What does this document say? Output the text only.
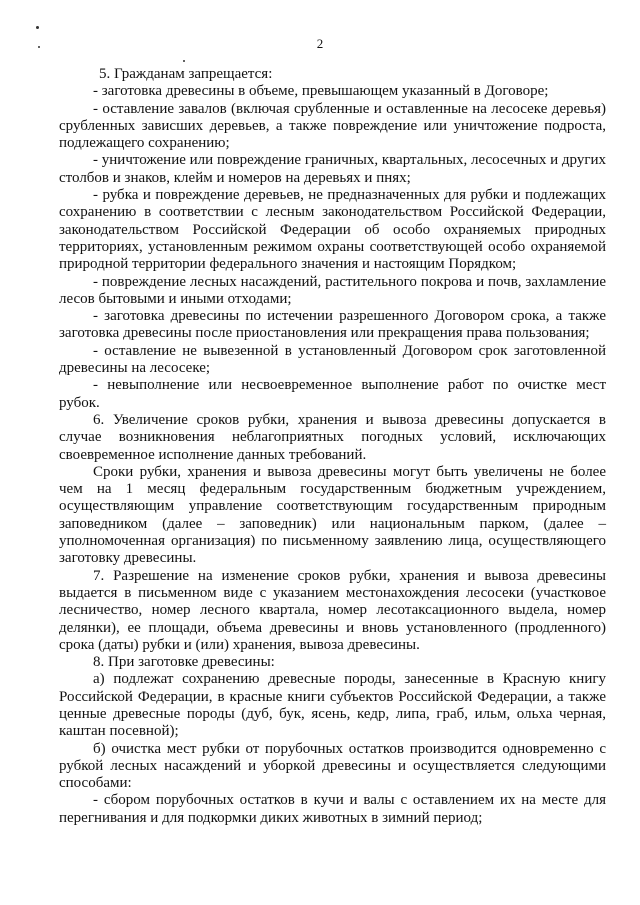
2

5. Гражданам запрещается:

- заготовка древесины в объеме, превышающем указанный в Договоре;

- оставление завалов (включая срубленные и оставленные на лесосеке деревья) срубленных зависших деревьев, а также повреждение или уничтожение подроста, подлежащего сохранению;

- уничтожение или повреждение граничных, квартальных, лесосечных и других столбов и знаков, клейм и номеров на деревьях и пнях;

- рубка и повреждение деревьев, не предназначенных для рубки и подлежащих сохранению в соответствии с лесным законодательством Российской Федерации, законодательством Российской Федерации об особо охраняемых природных территориях, установленным режимом охраны соответствующей особо охраняемой природной территории федерального значения и настоящим Порядком;

- повреждение лесных насаждений, растительного покрова и почв, захламление лесов бытовыми и иными отходами;

- заготовка древесины по истечении разрешенного Договором срока, а также заготовка древесины после приостановления или прекращения права пользования;

- оставление не вывезенной в установленный Договором срок заготовленной древесины на лесосеке;

- невыполнение или несвоевременное выполнение работ по очистке мест рубок.

6. Увеличение сроков рубки, хранения и вывоза древесины допускается в случае возникновения неблагоприятных погодных условий, исключающих своевременное исполнение данных требований.

Сроки рубки, хранения и вывоза древесины могут быть увеличены не более чем на 1 месяц федеральным государственным бюджетным учреждением, осуществляющим управление соответствующим государственным природным заповедником (далее – заповедник) или национальным парком, (далее – уполномоченная организация) по письменному заявлению лица, осуществляющего заготовку древесины.

7. Разрешение на изменение сроков рубки, хранения и вывоза древесины выдается в письменном виде с указанием местонахождения лесосеки (участковое лесничество, номер лесного квартала, номер лесотаксационного выдела, номер делянки), ее площади, объема древесины и вновь установленного (продленного) срока (даты) рубки и (или) хранения, вывоза древесины.

8. При заготовке древесины:

а) подлежат сохранению древесные породы, занесенные в Красную книгу Российской Федерации, в красные книги субъектов Российской Федерации, а также ценные древесные породы (дуб, бук, ясень, кедр, липа, граб, ильм, ольха черная, каштан посевной);

б) очистка мест рубки от порубочных остатков производится одновременно с рубкой лесных насаждений и уборкой древесины и осуществляется следующими способами:

- сбором порубочных остатков в кучи и валы с оставлением их на месте для перегнивания и для подкормки диких животных в зимний период;
